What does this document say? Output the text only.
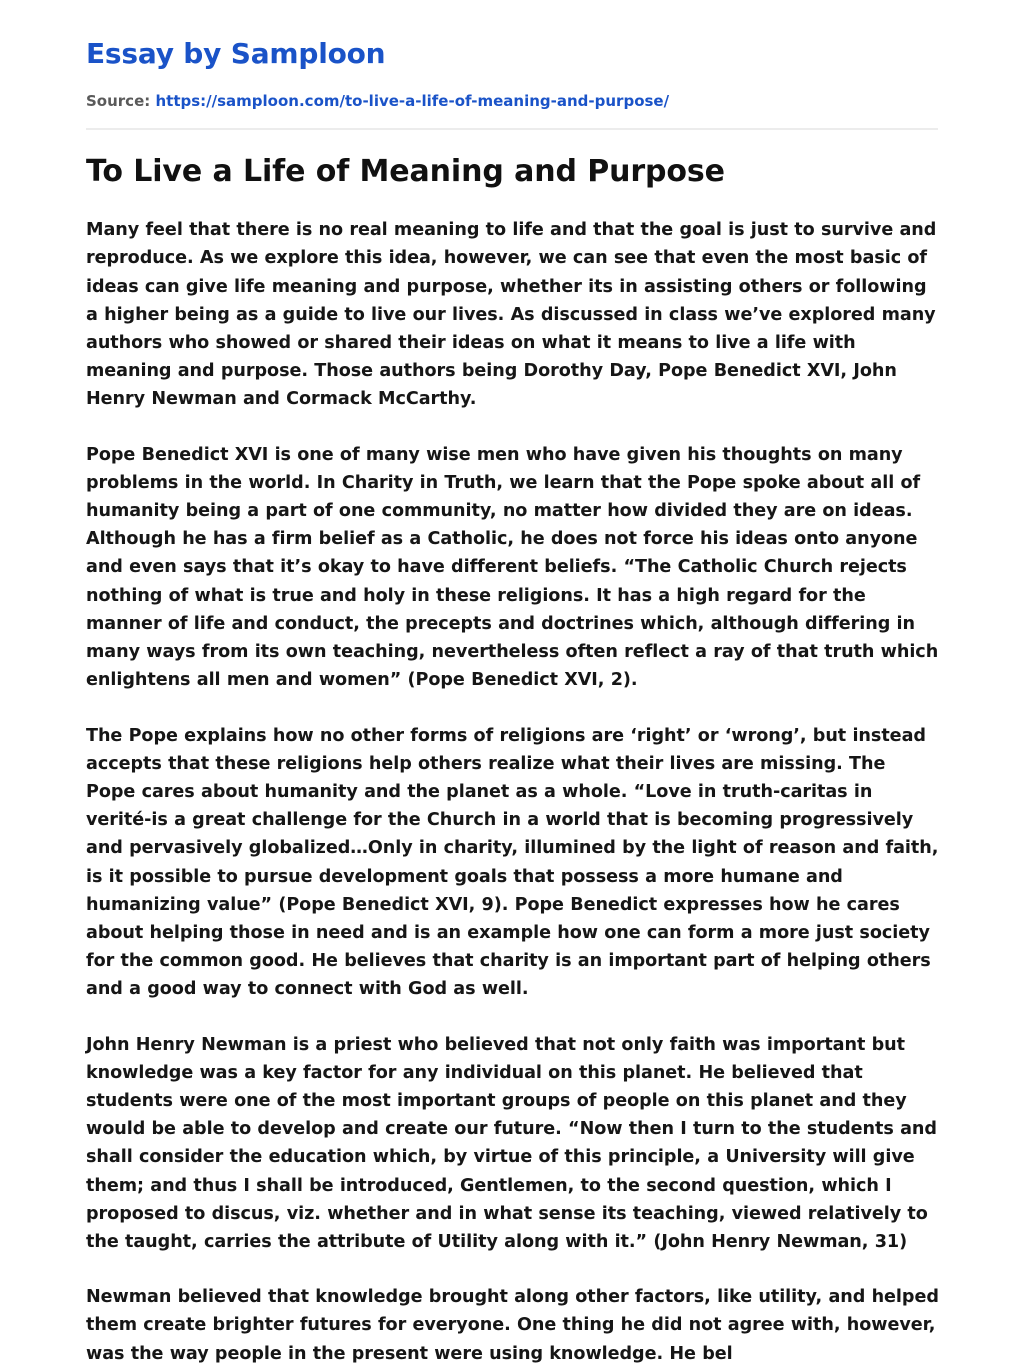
Essay by Samploon

Source: https://samploon.com/to-live-a-life-of-meaning-and-purpose/

To Live a Life of Meaning and Purpose

Many feel that there is no real meaning to life and that the goal is just to survive and reproduce. As we explore this idea, however, we can see that even the most basic of ideas can give life meaning and purpose, whether its in assisting others or following a higher being as a guide to live our lives. As discussed in class we’ve explored many authors who showed or shared their ideas on what it means to live a life with meaning and purpose. Those authors being Dorothy Day, Pope Benedict XVI, John Henry Newman and Cormack McCarthy.

Pope Benedict XVI is one of many wise men who have given his thoughts on many problems in the world. In Charity in Truth, we learn that the Pope spoke about all of humanity being a part of one community, no matter how divided they are on ideas. Although he has a firm belief as a Catholic, he does not force his ideas onto anyone and even says that it’s okay to have different beliefs. “The Catholic Church rejects nothing of what is true and holy in these religions. It has a high regard for the manner of life and conduct, the precepts and doctrines which, although differing in many ways from its own teaching, nevertheless often reflect a ray of that truth which enlightens all men and women” (Pope Benedict XVI, 2).

The Pope explains how no other forms of religions are ‘right’ or ‘wrong’, but instead accepts that these religions help others realize what their lives are missing. The Pope cares about humanity and the planet as a whole. “Love in truth-caritas in verité-is a great challenge for the Church in a world that is becoming progressively and pervasively globalized…Only in charity, illumined by the light of reason and faith, is it possible to pursue development goals that possess a more humane and humanizing value” (Pope Benedict XVI, 9). Pope Benedict expresses how he cares about helping those in need and is an example how one can form a more just society for the common good. He believes that charity is an important part of helping others and a good way to connect with God as well.

John Henry Newman is a priest who believed that not only faith was important but knowledge was a key factor for any individual on this planet. He believed that students were one of the most important groups of people on this planet and they would be able to develop and create our future. “Now then I turn to the students and shall consider the education which, by virtue of this principle, a University will give them; and thus I shall be introduced, Gentlemen, to the second question, which I proposed to discus, viz. whether and in what sense its teaching, viewed relatively to the taught, carries the attribute of Utility along with it.” (John Henry Newman, 31)

Newman believed that knowledge brought along other factors, like utility, and helped them create brighter futures for everyone. One thing he did not agree with, however, was the way people in the present were using knowledge. He bel
